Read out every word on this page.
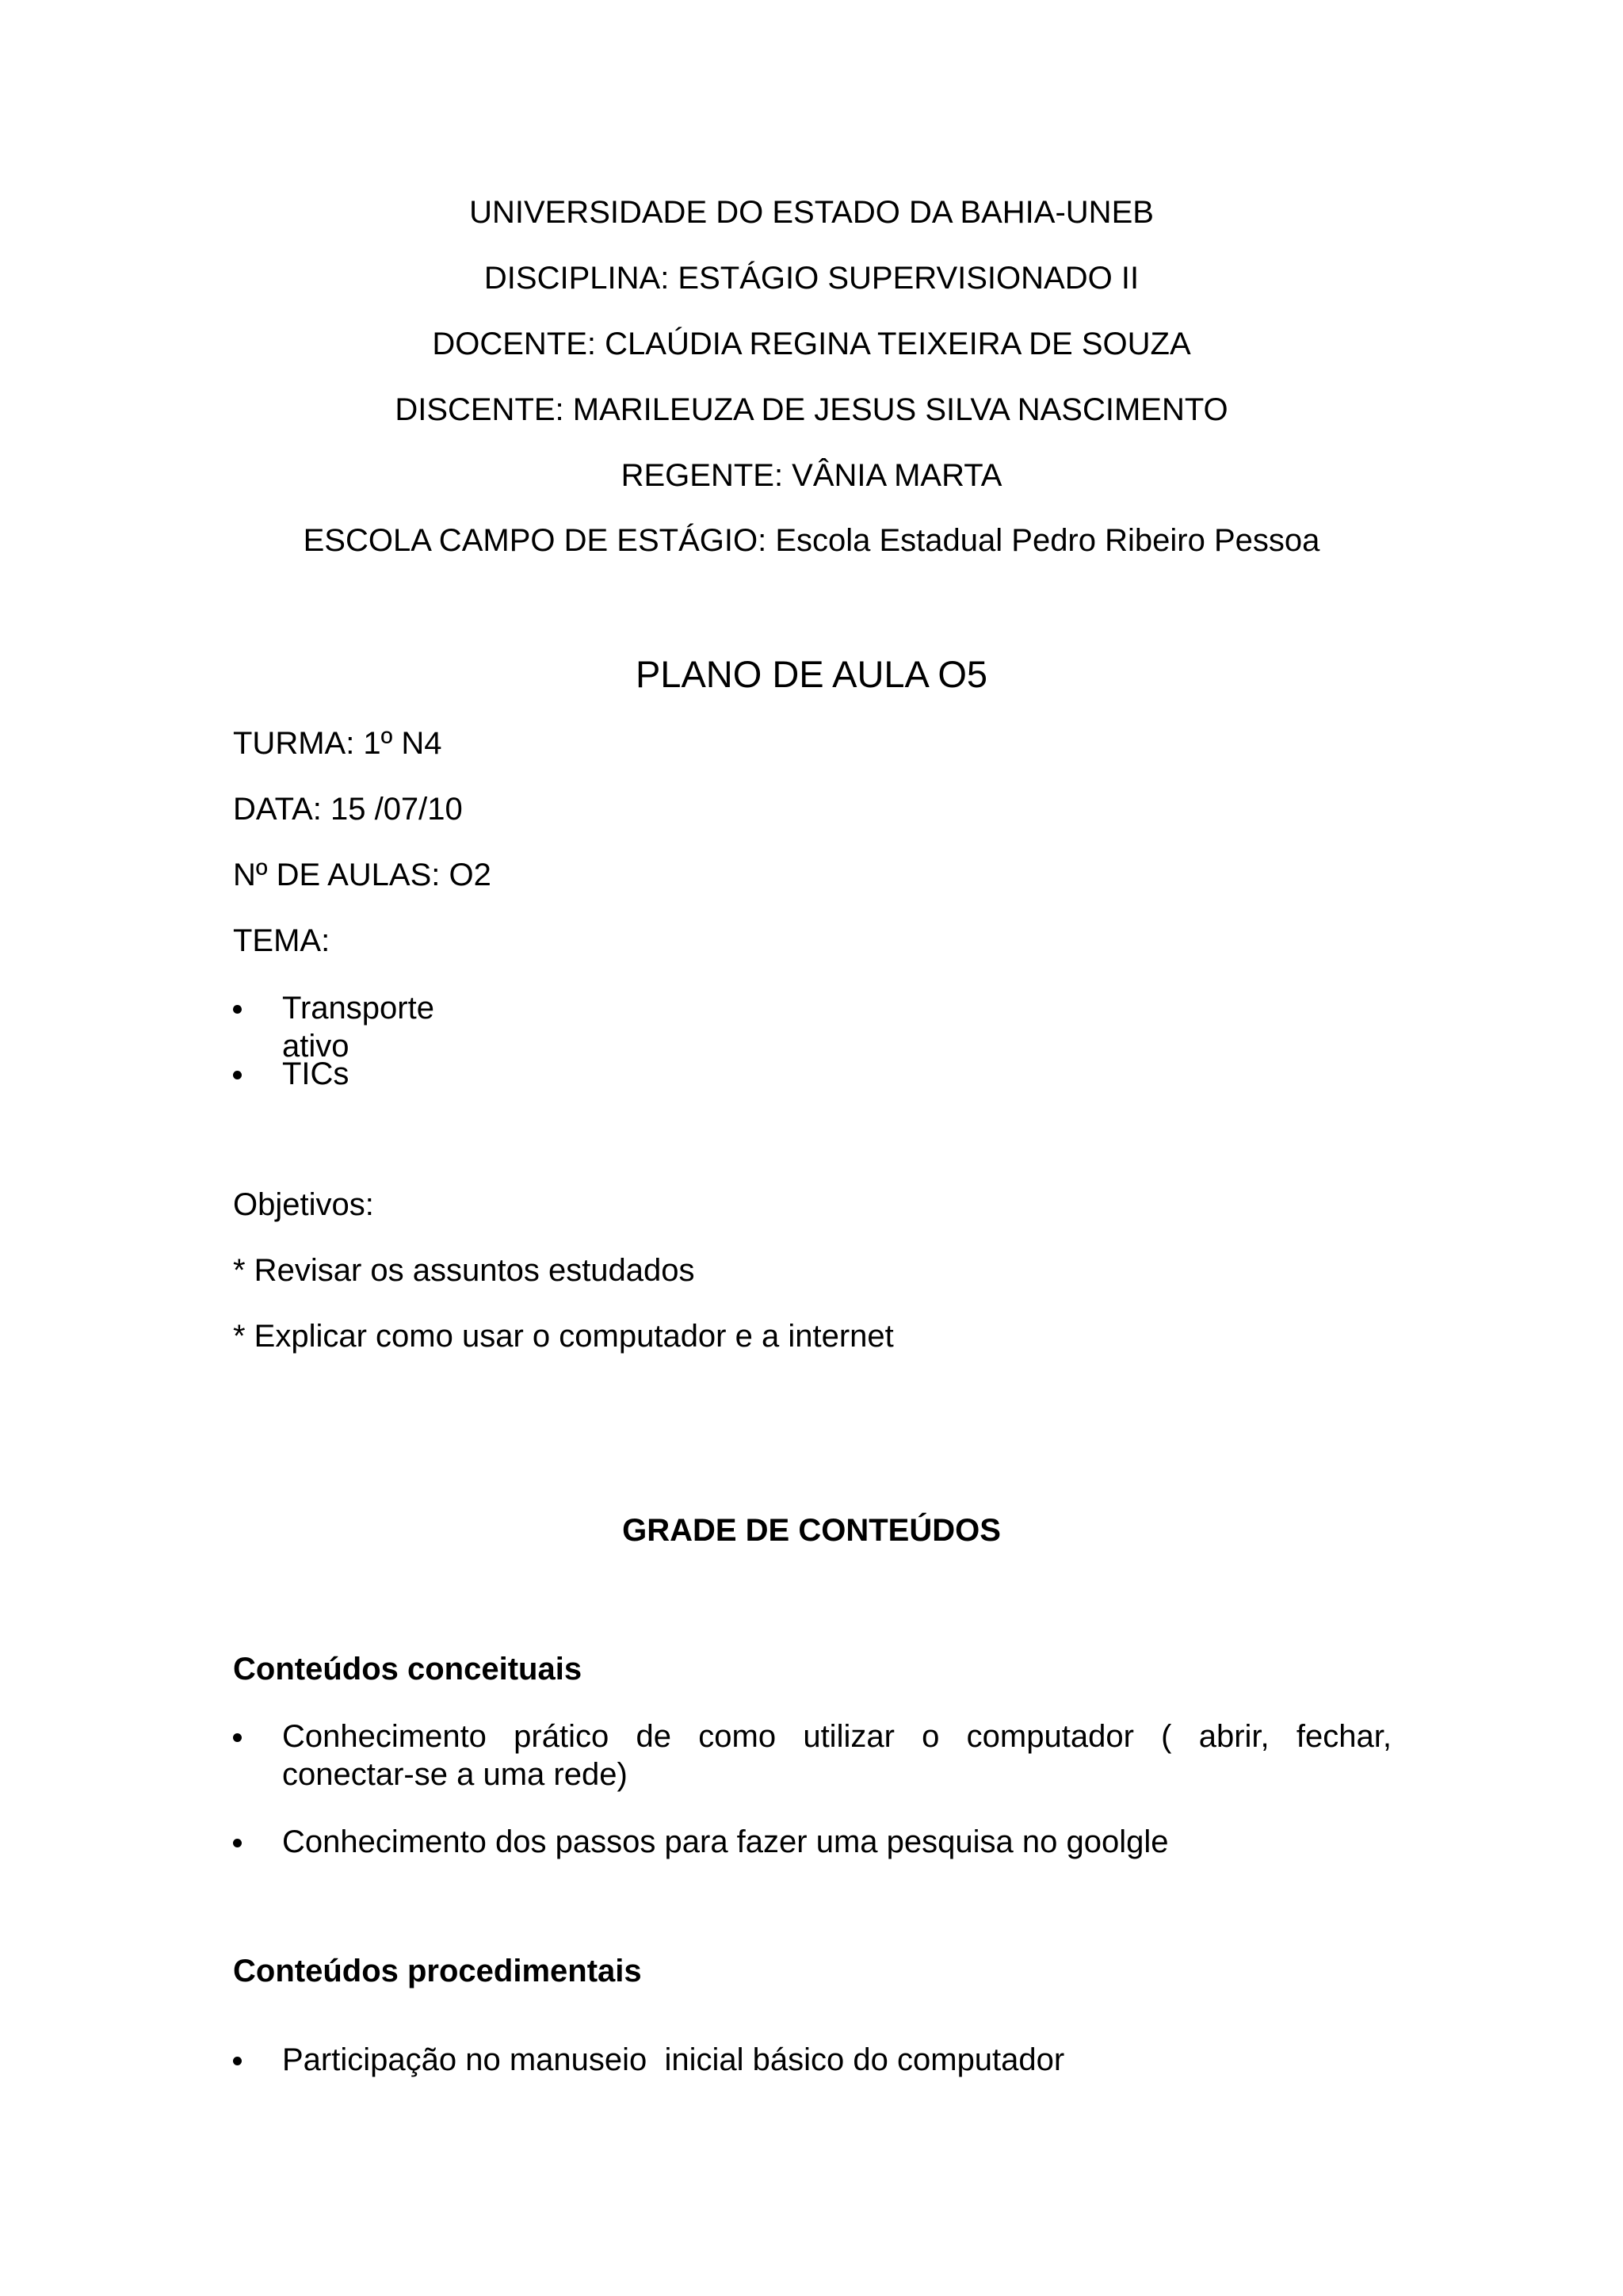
UNIVERSIDADE DO ESTADO DA BAHIA-UNEB
DISCIPLINA: ESTÁGIO SUPERVISIONADO II
DOCENTE: CLAÚDIA REGINA TEIXEIRA DE SOUZA
DISCENTE: MARILEUZA DE JESUS SILVA NASCIMENTO
REGENTE: VÂNIA MARTA
ESCOLA CAMPO DE ESTÁGIO: Escola Estadual Pedro Ribeiro Pessoa
PLANO DE AULA O5
TURMA: 1º N4
DATA: 15 /07/10
Nº DE AULAS: O2
TEMA:
Transporte ativo
TICs
Objetivos:
* Revisar os assuntos estudados
* Explicar como usar o computador e a internet
GRADE DE CONTEÚDOS
Conteúdos conceituais
Conhecimento prático de como utilizar o computador ( abrir, fechar,
conectar-se a uma rede)
Conhecimento dos passos para fazer uma pesquisa no goolgle
Conteúdos procedimentais
Participação no manuseio  inicial básico do computador
